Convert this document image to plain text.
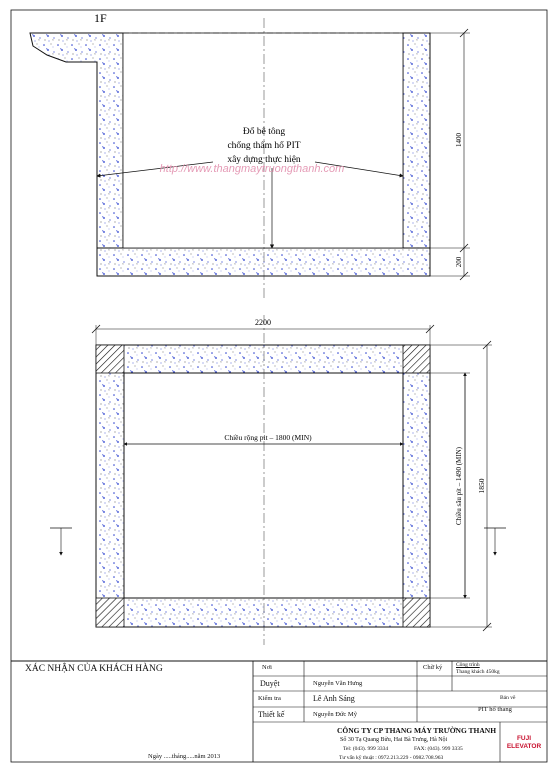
1F
Đổ bê tông
chống thấm hố PIT
xây dựng thực hiện
http://www.thangmaytruongthanh.com
1400
200
2200
Chiều rộng pit – 1800 (MIN)
Chiều sâu pit – 1490 (MIN) 1850
XÁC NHẬN CỦA KHÁCH HÀNG
Ngày .....tháng.....năm 2013
Nơi
Duyệt	Nguyễn Văn Hưng
Kiểm tra	Lê Anh Sáng
Thiết kế	Nguyễn Đức Mỹ
Chữ ký	Công trình
Thang khách 450kg
Bản vẽ
PIT hố thang
CÔNG TY CP THANG MÁY TRƯỜNG THANH
Số 30 Tạ Quang Bửu, Hai Bà Trưng, Hà Nội
Tel: (043). 999 3334	FAX: (043). 999 3335
Tư vấn kỹ thuật : 0972.213.229 - 0982.708.963
FUJI
ELEVATOR
